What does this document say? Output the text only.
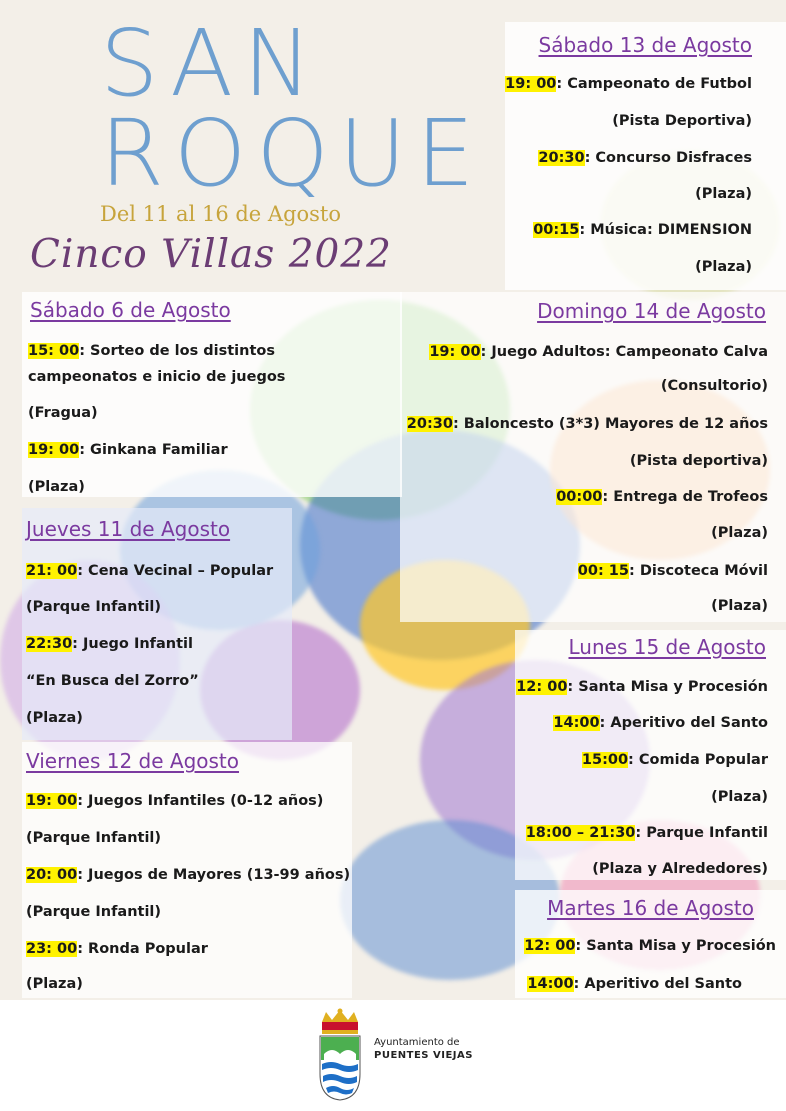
SAN
ROQUE
Del 11 al 16 de Agosto
Cinco Villas 2022
Sábado 6 de Agosto
15: 00: Sorteo de los distintos
campeonatos e inicio de juegos
(Fragua)
19: 00: Ginkana Familiar
(Plaza)
Jueves 11 de Agosto
21: 00: Cena Vecinal – Popular
(Parque Infantil)
22:30: Juego Infantil
“En Busca del Zorro”
(Plaza)
Viernes 12 de Agosto
19: 00: Juegos Infantiles (0-12 años)
(Parque Infantil)
20: 00: Juegos de Mayores (13-99 años)
(Parque Infantil)
23: 00: Ronda Popular
(Plaza)
Sábado 13 de Agosto
19: 00: Campeonato de Futbol
(Pista Deportiva)
20:30: Concurso Disfraces
(Plaza)
00:15: Música: DIMENSION
(Plaza)
Domingo 14 de Agosto
19: 00: Juego Adultos: Campeonato Calva
(Consultorio)
20:30: Baloncesto (3*3) Mayores de 12 años
(Pista deportiva)
00:00: Entrega de Trofeos
(Plaza)
00: 15: Discoteca Móvil
(Plaza)
Lunes 15 de Agosto
12: 00: Santa Misa y Procesión
14:00: Aperitivo del Santo
15:00: Comida Popular
(Plaza)
18:00 – 21:30: Parque Infantil
(Plaza y Alrededores)
Martes 16 de Agosto
12: 00: Santa Misa y Procesión
14:00: Aperitivo del Santo
Ayuntamiento de
PUENTES VIEJAS
